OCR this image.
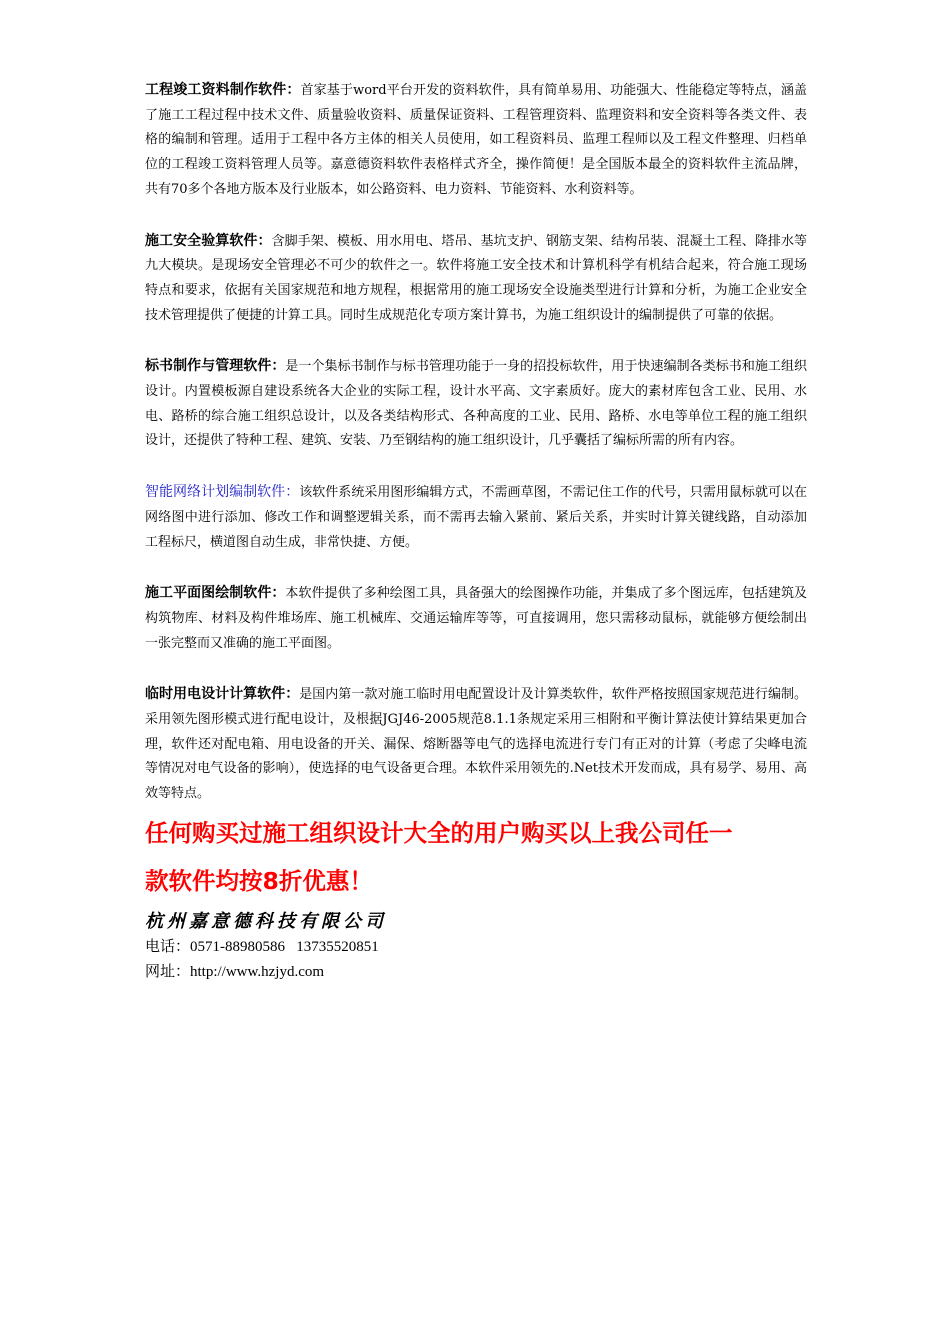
工程竣工资料制作软件：首家基于word平台开发的资料软件，具有简单易用、功能强大、性能稳定等特点，涵盖了施工工程过程中技术文件、质量验收资料、质量保证资料、工程管理资料、监理资料和安全资料等各类文件、表格的编制和管理。适用于工程中各方主体的相关人员使用，如工程资料员、监理工程师以及工程文件整理、归档单位的工程竣工资料管理人员等。嘉意德资料软件表格样式齐全，操作简便！是全国版本最全的资料软件主流品牌，共有70多个各地方版本及行业版本，如公路资料、电力资料、节能资料、水利资料等。

施工安全验算软件：含脚手架、模板、用水用电、塔吊、基坑支护、钢筋支架、结构吊装、混凝土工程、降排水等九大模块。是现场安全管理必不可少的软件之一。软件将施工安全技术和计算机科学有机结合起来，符合施工现场特点和要求，依据有关国家规范和地方规程，根据常用的施工现场安全设施类型进行计算和分析，为施工企业安全技术管理提供了便捷的计算工具。同时生成规范化专项方案计算书，为施工组织设计的编制提供了可靠的依据。

标书制作与管理软件：是一个集标书制作与标书管理功能于一身的招投标软件，用于快速编制各类标书和施工组织设计。内置模板源自建设系统各大企业的实际工程，设计水平高、文字素质好。庞大的素材库包含工业、民用、水电、路桥的综合施工组织总设计，以及各类结构形式、各种高度的工业、民用、路桥、水电等单位工程的施工组织设计，还提供了特种工程、建筑、安装、乃至钢结构的施工组织设计，几乎囊括了编标所需的所有内容。

智能网络计划编制软件：该软件系统采用图形编辑方式，不需画草图，不需记住工作的代号，只需用鼠标就可以在网络图中进行添加、修改工作和调整逻辑关系，而不需再去输入紧前、紧后关系，并实时计算关键线路，自动添加工程标尺，横道图自动生成，非常快捷、方便。

施工平面图绘制软件：本软件提供了多种绘图工具，具备强大的绘图操作功能，并集成了多个图远库，包括建筑及构筑物库、材料及构件堆场库、施工机械库、交通运输库等等，可直接调用，您只需移动鼠标，就能够方便绘制出一张完整而又准确的施工平面图。

临时用电设计计算软件：是国内第一款对施工临时用电配置设计及计算类软件，软件严格按照国家规范进行编制。采用领先图形模式进行配电设计，及根据JGJ46-2005规范8.1.1条规定采用三相附和平衡计算法使计算结果更加合理，软件还对配电箱、用电设备的开关、漏保、熔断器等电气的选择电流进行专门有正对的计算（考虑了尖峰电流等情况对电气设备的影响），使选择的电气设备更合理。本软件采用领先的.Net技术开发而成，具有易学、易用、高效等特点。

任何购买过施工组织设计大全的用户购买以上我公司任一
款软件均按8折优惠！
杭州嘉意德科技有限公司
电话：0571-88980586   13735520851
网址：http://www.hzjyd.com
